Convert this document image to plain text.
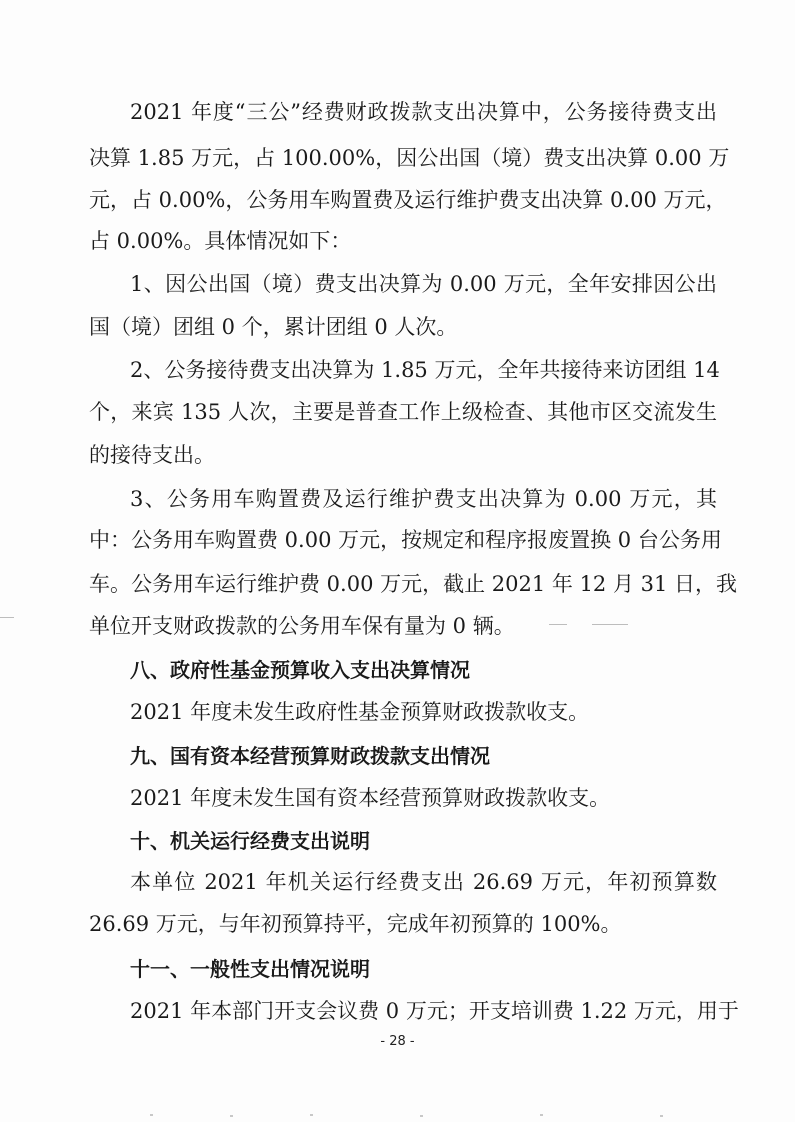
2021 年度“三公”经费财政拨款支出决算中，公务接待费支出
决算 1.85 万元，占 100.00%，因公出国（境）费支出决算 0.00 万
元，占 0.00%，公务用车购置费及运行维护费支出决算 0.00 万元，
占 0.00%。具体情况如下：
1、因公出国（境）费支出决算为 0.00 万元，全年安排因公出
国（境）团组 0 个，累计团组 0 人次。
2、公务接待费支出决算为 1.85 万元，全年共接待来访团组 14
个，来宾 135 人次，主要是普查工作上级检查、其他市区交流发生
的接待支出。
3、公务用车购置费及运行维护费支出决算为 0.00 万元，其
中：公务用车购置费 0.00 万元，按规定和程序报废置换 0 台公务用
车。公务用车运行维护费 0.00 万元，截止 2021 年 12 月 31 日，我
单位开支财政拨款的公务用车保有量为 0 辆。
八、政府性基金预算收入支出决算情况
2021 年度未发生政府性基金预算财政拨款收支。
九、国有资本经营预算财政拨款支出情况
2021 年度未发生国有资本经营预算财政拨款收支。
十、机关运行经费支出说明
本单位 2021 年机关运行经费支出 26.69 万元，年初预算数
26.69 万元，与年初预算持平，完成年初预算的 100%。
十一、一般性支出情况说明
2021 年本部门开支会议费 0 万元；开支培训费 1.22 万元，用于
- 28 -
